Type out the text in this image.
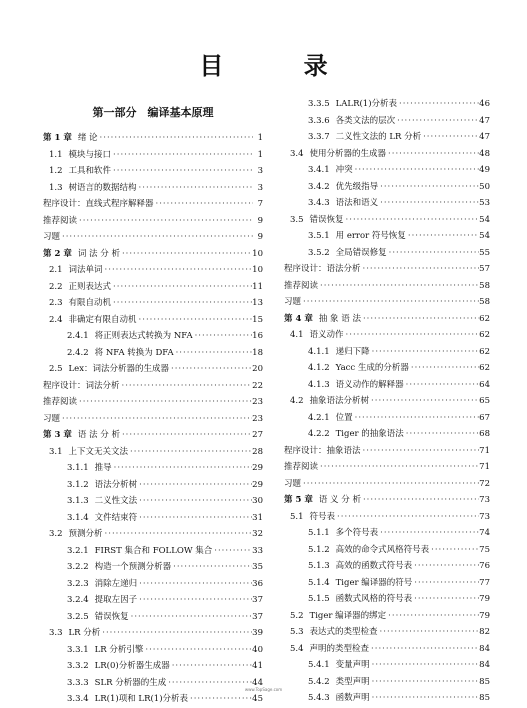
目 录
第一部分　编译基本原理
第 1 章 绪 论 ·····	1
1.1 模块与接口 ·····	1
1.2 工具和软件 ·····	3
1.3 树语言的数据结构 ·····	3
程序设计：直线式程序解释器 ·····	7
推荐阅读 ·····	9
习题 ·····	9
第 2 章 词 法 分 析 ·····	10
2.1 词法单词 ·····	10
2.2 正则表达式 ·····	11
2.3 有限自动机 ·····	13
2.4 非确定有限自动机 ·····	15
2.4.1 将正则表达式转换为 NFA ·····	16
2.4.2 将 NFA 转换为 DFA ·····	18
2.5 Lex：词法分析器的生成器 ·····	20
程序设计：词法分析 ·····	22
推荐阅读 ·····	23
习题 ·····	23
第 3 章 语 法 分 析 ·····	27
3.1 上下文无关文法 ·····	28
3.1.1 推导 ·····	29
3.1.2 语法分析树 ·····	29
3.1.3 二义性文法 ·····	30
3.1.4 文件结束符 ·····	31
3.2 预测分析 ·····	32
3.2.1 FIRST 集合和 FOLLOW 集合 ·····	33
3.2.2 构造一个预测分析器 ·····	35
3.2.3 消除左递归 ·····	36
3.2.4 提取左因子 ·····	37
3.2.5 错误恢复 ·····	37
3.3 LR 分析 ·····	39
3.3.1 LR 分析引擎 ·····	40
3.3.2 LR(0)分析器生成器 ·····	41
3.3.3 SLR 分析器的生成 ·····	44
3.3.4 LR(1)项和 LR(1)分析表 ·····	45
3.3.5 LALR(1)分析表 ·····	46
3.3.6 各类文法的层次 ·····	47
3.3.7 二义性文法的 LR 分析 ·····	47
3.4 使用分析器的生成器 ·····	48
3.4.1 冲突 ·····	49
3.4.2 优先级指导 ·····	50
3.4.3 语法和语义 ·····	53
3.5 错误恢复 ·····	54
3.5.1 用 error 符号恢复 ·····	54
3.5.2 全局错误修复 ·····	55
程序设计：语法分析 ·····	57
推荐阅读 ·····	58
习题 ·····	58
第 4 章 抽 象 语 法 ·····	62
4.1 语义动作 ·····	62
4.1.1 递归下降 ·····	62
4.1.2 Yacc 生成的分析器 ·····	62
4.1.3 语义动作的解释器 ·····	64
4.2 抽象语法分析树 ·····	65
4.2.1 位置 ·····	67
4.2.2 Tiger 的抽象语法 ·····	68
程序设计：抽象语法 ·····	71
推荐阅读 ·····	71
习题 ·····	72
第 5 章 语 义 分 析 ·····	73
5.1 符号表 ·····	73
5.1.1 多个符号表 ·····	74
5.1.2 高效的命令式风格符号表 ·····	75
5.1.3 高效的函数式符号表 ·····	76
5.1.4 Tiger 编译器的符号 ·····	77
5.1.5 函数式风格的符号表 ·····	79
5.2 Tiger 编译器的绑定 ·····	79
5.3 表达式的类型检查 ·····	82
5.4 声明的类型检查 ·····	84
5.4.1 变量声明 ·····	84
5.4.2 类型声明 ·····	85
5.4.3 函数声明 ·····	85
www.TopSage.com
